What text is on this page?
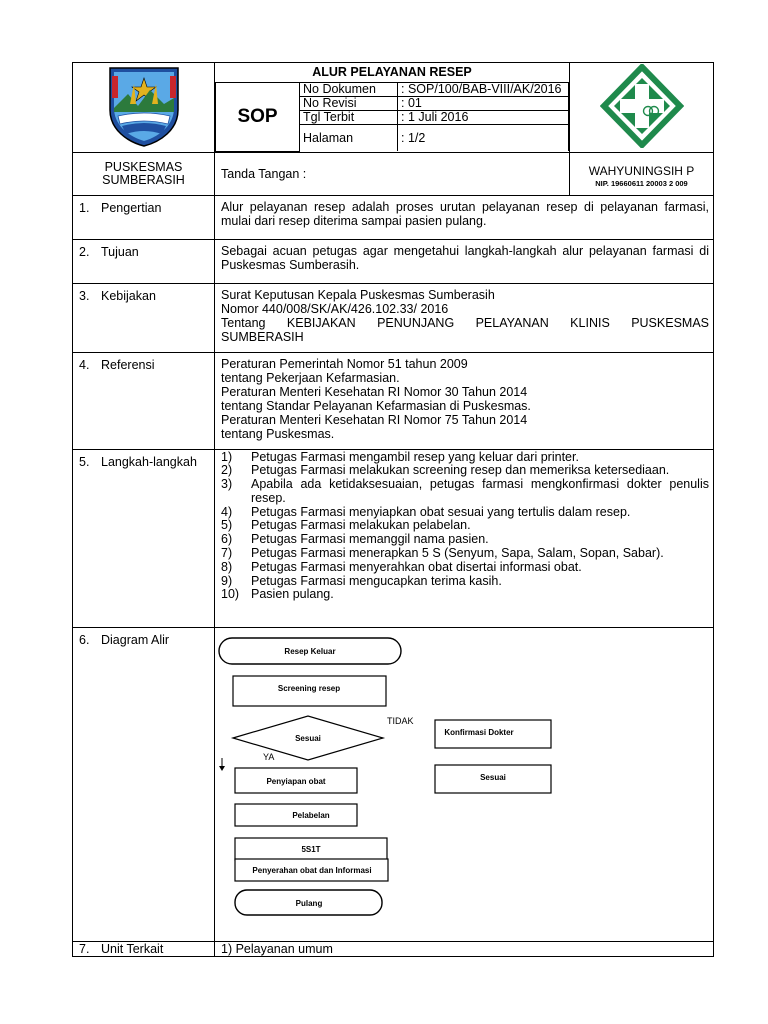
ALUR PELAYANAN RESEP
SOP	No Dokumen	: SOP/100/BAB-VIII/AK/2016
No Revisi	: 01
Tgl Terbit	: 1 Juli 2016
Halaman	: 1/2

PUSKESMAS
SUMBERASIH	Tanda Tangan :	WAHYUNINGSIH P
NIP. 19660611 20003 2 009

1. Pengertian	Alur pelayanan resep adalah proses urutan pelayanan resep di pelayanan farmasi, mulai dari resep diterima sampai pasien pulang.
2. Tujuan	Sebagai acuan petugas agar mengetahui langkah-langkah alur pelayanan farmasi di Puskesmas Sumberasih.
3. Kebijakan	Surat Keputusan Kepala Puskesmas Sumberasih
Nomor 440/008/SK/AK/426.102.33/ 2016
Tentang KEBIJAKAN PENUNJANG PELAYANAN KLINIS PUSKESMAS
SUMBERASIH

4. Referensi	Peraturan Pemerintah Nomor 51 tahun 2009
tentang Pekerjaan Kefarmasian.
Peraturan Menteri Kesehatan RI Nomor 30 Tahun 2014
tentang Standar Pelayanan Kefarmasian di Puskesmas.
Peraturan Menteri Kesehatan RI Nomor 75 Tahun 2014
tentang Puskesmas.

5. Langkah-langkah	1)	Petugas Farmasi mengambil resep yang keluar dari printer.
2)	Petugas Farmasi melakukan screening resep dan memeriksa ketersediaan.
3)	Apabila ada ketidaksesuaian, petugas farmasi mengkonfirmasi dokter penulis resep.
4)	Petugas Farmasi menyiapkan obat sesuai yang tertulis dalam resep.
5)	Petugas Farmasi melakukan pelabelan.
6)	Petugas Farmasi memanggil nama pasien.
7)	Petugas Farmasi menerapkan 5 S (Senyum, Sapa, Salam, Sopan, Sabar).
8)	Petugas Farmasi menyerahkan obat disertai informasi obat.
9)	Petugas Farmasi mengucapkan terima kasih.
10) Pasien pulang.

6. Diagram Alir	
Resep Keluar
Screening resep
TIDAK
Sesuai
Konfirmasi Dokter
YA
Sesuai
Penyiapan obat
Pelabelan
5S1T
Penyerahan obat dan Informasi
Pulang

7. Unit Terkait	1) Pelayanan umum
